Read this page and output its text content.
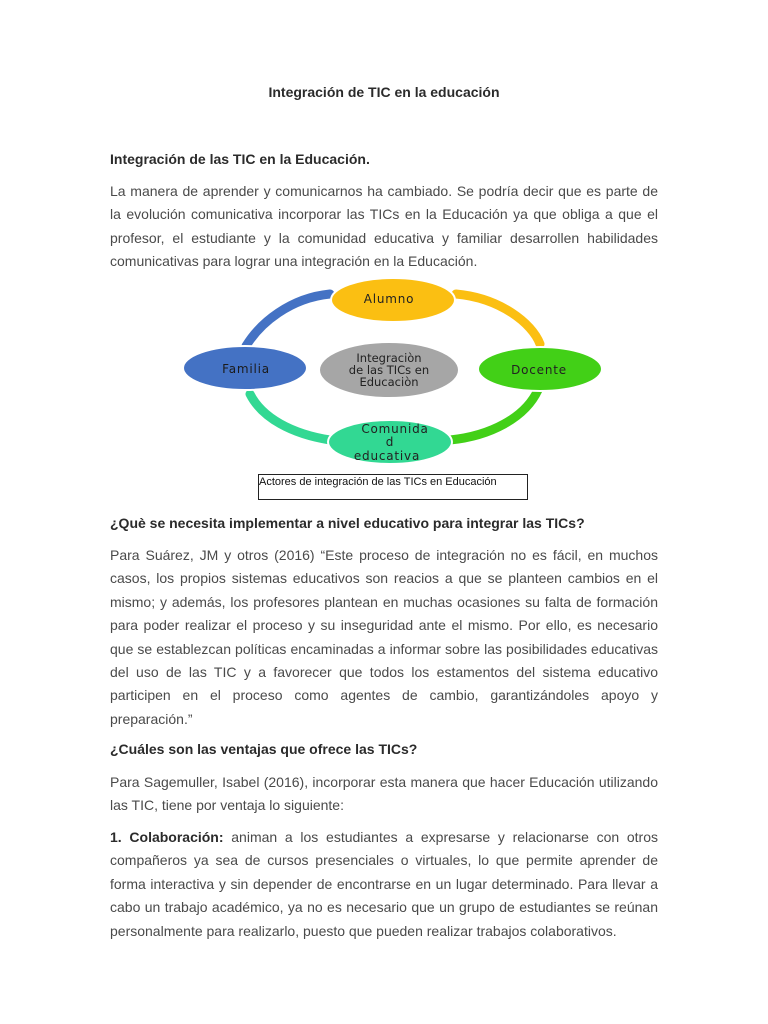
Integración de TIC en la educación
Integración de las TIC en la Educación.
La manera de aprender y comunicarnos ha cambiado. Se podría decir que es parte de la evolución comunicativa incorporar las TICs en la Educación ya que obliga a que el profesor, el estudiante y la comunidad educativa y familiar desarrollen habilidades comunicativas para lograr una integración en la Educación.
Alumno
Docente
Familia
Comunida
d
educativa
Integraciòn
de las TICs en
Educaciòn
Actores de integración de las TICs en Educación
¿Què se necesita implementar a nivel educativo para integrar las TICs?
Para Suárez, JM y otros (2016) “Este proceso de integración no es fácil, en muchos casos, los propios sistemas educativos son reacios a que se planteen cambios en el mismo; y además, los profesores plantean en muchas ocasiones su falta de formación para poder realizar el proceso y su inseguridad ante el mismo. Por ello, es necesario que se establezcan políticas encaminadas a informar sobre las posibilidades educativas del uso de las TIC y a favorecer que todos los estamentos del sistema educativo participen en el proceso como agentes de cambio, garantizándoles apoyo y preparación.”
¿Cuáles son las ventajas que ofrece las TICs?
Para Sagemuller, Isabel (2016), incorporar esta manera que hacer Educación utilizando las TIC, tiene por ventaja lo siguiente:
1. Colaboración: animan a los estudiantes a expresarse y relacionarse con otros compañeros ya sea de cursos presenciales o virtuales, lo que permite aprender de forma interactiva y sin depender de encontrarse en un lugar determinado. Para llevar a cabo un trabajo académico, ya no es necesario que un grupo de estudiantes se reúnan personalmente para realizarlo, puesto que pueden realizar trabajos colaborativos.
